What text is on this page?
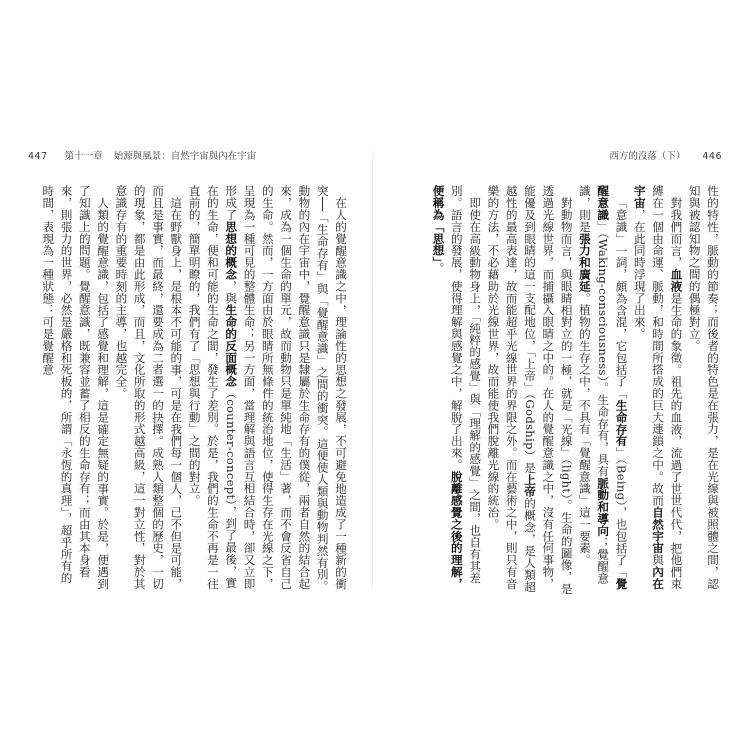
447 第十一章 始源與風景：自然宇宙與內在宇宙	西方的沒落（下） 446

性的特性，脈動的節奏；而後者的特色是在張力，是在光線與被照體之間，認知與被認知物之間的偶極對立。

對我們而言，血液是生命的象徵。祖先的血液，流過了世世代代，把他們束縛在一個由命運、脈動，和時間所搭成的巨大連鎖之中。故而自然宇宙與內在宇宙，在此同時浮現了出來。

「意識」一詞，頗為含混，它包括了「生命存有」（Being），也包括了「覺醒意識」（Waking-consciousness）。生命存有，具有脈動和導向；覺醒意識，則是張力和廣延。植物的生存之中，不具有「覺醒意識」這一要素。

對動物而言，與眼睛相對立的一極，就是「光線」（light）。生命的圖像，是透過光線世界，而捕攝入眼睛之中的。在人的覺醒意識之中，沒有任何事物，能優及到眼睛的這一支配地位，「上帝」（Godship）是上帝的概念，是人類超越性的最高表達，故而能超乎光線世界的界限之外。而在藝術之中，則只有音樂的方法，不必藉助於光線世界，故而能使我們脫離光線的統治。

即使在高級動物身上，「純粹的感覺」與「理解的感覺」之間，也自有其差別。語言的發展，使得理解與感覺之中，解脫了出來。脫離感覺之後的理解，便稱為「思想」。

在人的覺醒意識之中，理論性的思想之發展，不可避免地造成了一種新的衝突──「生命存有」與「覺醒意識」之間的衝突。這便使人類與動物判然有別。動物的內在宇宙中，覺醒意識只是隸屬於生命存有的僕從，兩者自然的結合起來，成為一個生命的單元，故而動物只是單純地「生活」著，而不會反省自己的生命。然而，一方面由於眼睛所無條件的統治地位，使得生存在光線之下，呈現為一種可見的整體生命；另一方面，當理解與語言互相結合時，卻又立即形成了思想的概念，與生命的反面概念（counter-concept），到了最後，實在的生命，便和可能的生命之間，發生了差別。於是，我們的生命不再是一往直前的，簡單明瞭的，我們有了「思想與行動」之間的對立。

這在野獸身上，是根本不可能的事，可是在我們每一個人，已不但是可能，而且是事實，而最終，還要成為二者選一的抉擇。成熟人類整個的歷史，一切的現象，都是由此形成，而且，文化所取的形式越高級，這一對立性，對於其意識存有的重要時刻的主導，也越完全。

人類的覺醒意識，包括了感覺和理解，這是確定無疑的事實。於是，便遇到了知識上的問題。覺醒意識，既兼容並蓄了相反的生命存有；而由其本身看來，則張力的世界，必然是嚴格和死板的，所謂「永恆的真理」，超乎所有的時間，表現為一種狀態：可是覺醒意
